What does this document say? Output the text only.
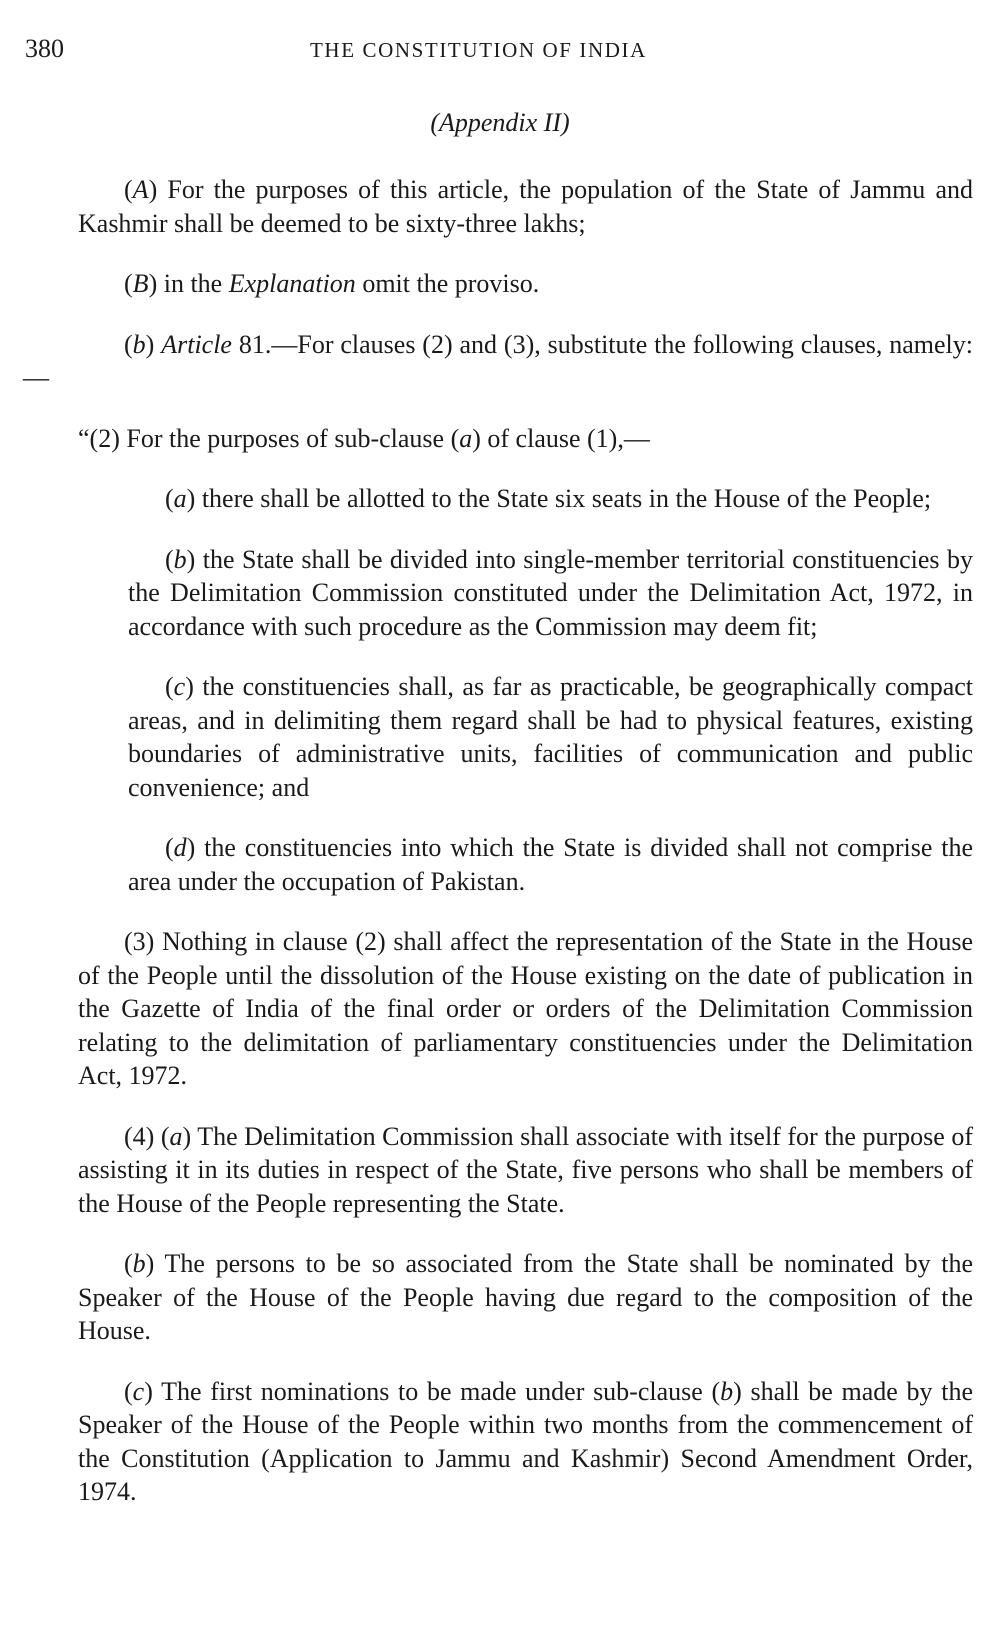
380	THE CONSTITUTION OF INDIA
(Appendix II)

(A) For the purposes of this article, the population of the State of Jammu and Kashmir shall be deemed to be sixty-three lakhs;

(B) in the Explanation omit the proviso.

(b) Article 81.—For clauses (2) and (3), substitute the following clauses, namely:—

“(2) For the purposes of sub-clause (a) of clause (1),—

(a) there shall be allotted to the State six seats in the House of the People;

(b) the State shall be divided into single-member territorial constituencies by the Delimitation Commission constituted under the Delimitation Act, 1972, in accordance with such procedure as the Commission may deem fit;

(c) the constituencies shall, as far as practicable, be geographically compact areas, and in delimiting them regard shall be had to physical features, existing boundaries of administrative units, facilities of communication and public convenience; and

(d) the constituencies into which the State is divided shall not comprise the area under the occupation of Pakistan.

(3) Nothing in clause (2) shall affect the representation of the State in the House of the People until the dissolution of the House existing on the date of publication in the Gazette of India of the final order or orders of the Delimitation Commission relating to the delimitation of parliamentary constituencies under the Delimitation Act, 1972.

(4) (a) The Delimitation Commission shall associate with itself for the purpose of assisting it in its duties in respect of the State, five persons who shall be members of the House of the People representing the State.

(b) The persons to be so associated from the State shall be nominated by the Speaker of the House of the People having due regard to the composition of the House.

(c) The first nominations to be made under sub-clause (b) shall be made by the Speaker of the House of the People within two months from the commencement of the Constitution (Application to Jammu and Kashmir) Second Amendment Order, 1974.
